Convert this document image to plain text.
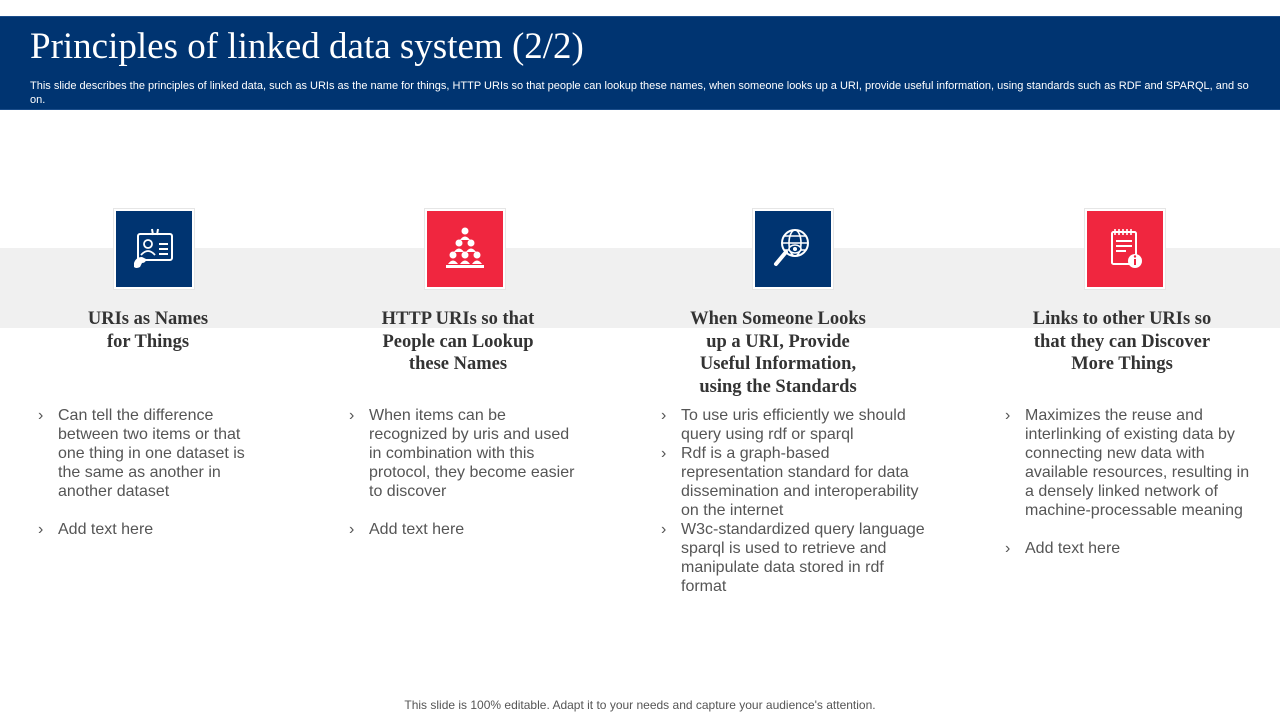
Principles of linked data system (2/2)

This slide describes the principles of linked data, such as URIs as the name for things, HTTP URIs so that people can lookup these names, when someone looks up a URI, provide useful information, using standards such as RDF and SPARQL, and so on.

URIs as Names
for Things
› Can tell the difference between two items or that one thing in one dataset is the same as another in another dataset
› Add text here
HTTP URIs so that
People can Lookup
these Names
› When items can be recognized by uris and used in combination with this protocol, they become easier to discover
› Add text here
When Someone Looks
up a URI, Provide
Useful Information,
using the Standards
› To use uris efficiently we should query using rdf or sparql
› Rdf is a graph-based representation standard for data dissemination and interoperability on the internet
› W3c-standardized query language sparql is used to retrieve and manipulate data stored in rdf format
Links to other URIs so
that they can Discover
More Things
› Maximizes the reuse and interlinking of existing data by connecting new data with available resources, resulting in a densely linked network of machine-processable meaning
› Add text here
This slide is 100% editable. Adapt it to your needs and capture your audience's attention.
